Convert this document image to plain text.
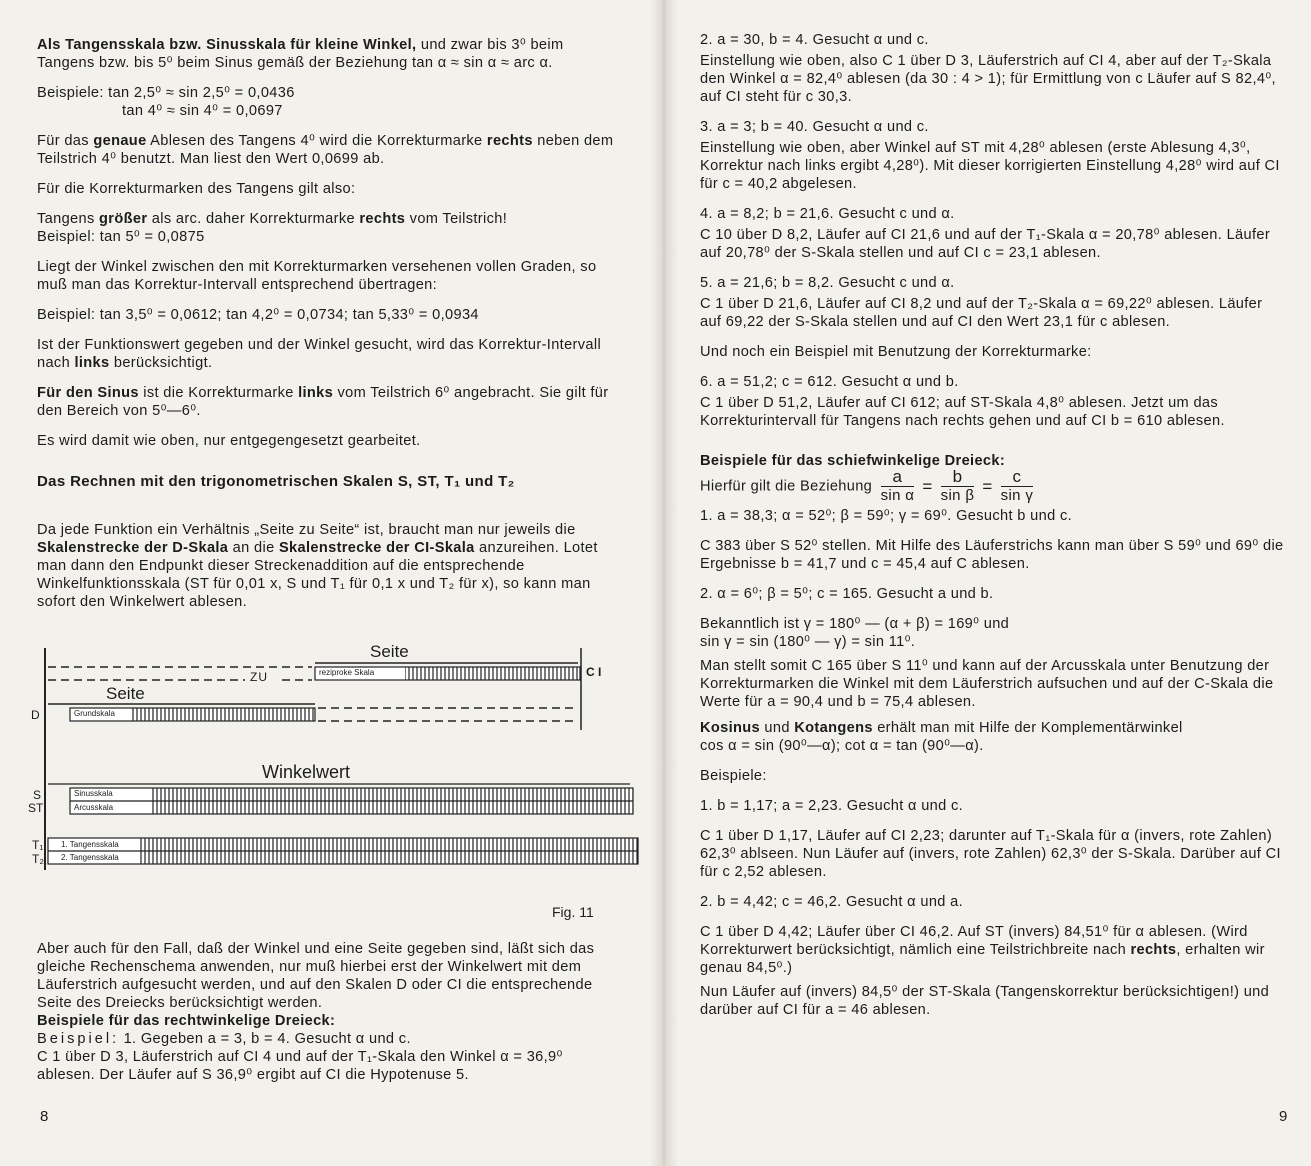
Als Tangensskala bzw. Sinusskala für kleine Winkel, und zwar bis 3⁰ beim Tangens bzw. bis 5⁰ beim Sinus gemäß der Beziehung tan α ≈ sin α ≈ arc α.

Beispiele: tan 2,5⁰ ≈ sin 2,5⁰ = 0,0436

tan 4⁰ ≈ sin 4⁰ = 0,0697

Für das genaue Ablesen des Tangens 4⁰ wird die Korrekturmarke rechts neben dem Teilstrich 4⁰ benutzt. Man liest den Wert 0,0699 ab.

Für die Korrekturmarken des Tangens gilt also:

Tangens größer als arc. daher Korrekturmarke rechts vom Teilstrich!
Beispiel: tan 5⁰ = 0,0875

Liegt der Winkel zwischen den mit Korrekturmarken versehenen vollen Graden, so muß man das Korrektur-Intervall entsprechend übertragen:

Beispiel: tan 3,5⁰ = 0,0612; tan 4,2⁰ = 0,0734; tan 5,33⁰ = 0,0934

Ist der Funktionswert gegeben und der Winkel gesucht, wird das Korrektur-Intervall nach links berücksichtigt.

Für den Sinus ist die Korrekturmarke links vom Teilstrich 6⁰ angebracht. Sie gilt für den Bereich von 5⁰—6⁰.

Es wird damit wie oben, nur entgegengesetzt gearbeitet.

Das Rechnen mit den trigonometrischen Skalen S, ST, T₁ und T₂

Da jede Funktion ein Verhältnis „Seite zu Seite“ ist, braucht man nur jeweils die Skalenstrecke der D-Skala an die Skalenstrecke der CI-Skala anzureihen. Lotet man dann den Endpunkt dieser Streckenaddition auf die entsprechende Winkelfunktionsskala (ST für 0,01 x, S und T₁ für 0,1 x und T₂ für x), so kann man sofort den Winkelwert ablesen.

Seite
ZU	reziproke Skala	C I
Seite
D	Grundskala
Winkelwert
S
ST
Sinusskala
Arcusskala
T₁
T₂
1. Tangensskala
2. Tangensskala
Fig. 11

Aber auch für den Fall, daß der Winkel und eine Seite gegeben sind, läßt sich das gleiche Rechenschema anwenden, nur muß hierbei erst der Winkelwert mit dem Läuferstrich aufgesucht werden, und auf den Skalen D oder CI die entsprechende Seite des Dreiecks berücksichtigt werden.

Beispiele für das rechtwinkelige Dreieck:

Beispiel: 1. Gegeben a = 3, b = 4. Gesucht α und c.
C 1 über D 3, Läuferstrich auf CI 4 und auf der T₁-Skala den Winkel α = 36,9⁰ ablesen. Der Läufer auf S 36,9⁰ ergibt auf CI die Hypotenuse 5.

8

2. a = 30, b = 4. Gesucht α und c.

Einstellung wie oben, also C 1 über D 3, Läuferstrich auf CI 4, aber auf der T₂-Skala den Winkel α = 82,4⁰ ablesen (da 30 : 4 > 1); für Ermittlung von c Läufer auf S 82,4⁰, auf CI steht für c 30,3.

3. a = 3; b = 40. Gesucht α und c.

Einstellung wie oben, aber Winkel auf ST mit 4,28⁰ ablesen (erste Ablesung 4,3⁰, Korrektur nach links ergibt 4,28⁰). Mit dieser korrigierten Einstellung 4,28⁰ wird auf CI für c = 40,2 abgelesen.

4. a = 8,2; b = 21,6. Gesucht c und α.

C 10 über D 8,2, Läufer auf CI 21,6 und auf der T₁-Skala α = 20,78⁰ ablesen. Läufer auf 20,78⁰ der S-Skala stellen und auf CI c = 23,1 ablesen.

5. a = 21,6; b = 8,2. Gesucht c und α.

C 1 über D 21,6, Läufer auf CI 8,2 und auf der T₂-Skala α = 69,22⁰ ablesen. Läufer auf 69,22 der S-Skala stellen und auf CI den Wert 23,1 für c ablesen.

Und noch ein Beispiel mit Benutzung der Korrekturmarke:

6. a = 51,2; c = 612. Gesucht α und b.

C 1 über D 51,2, Läufer auf CI 612; auf ST-Skala 4,8⁰ ablesen. Jetzt um das Korrekturintervall für Tangens nach rechts gehen und auf CI b = 610 ablesen.

Beispiele für das schiefwinkelige Dreieck:

Hierfür gilt die Beziehung $\frac{a}{\text{sin α}} = \frac{b}{\text{sin β}} = \frac{c}{\text{sin γ}}$

1. a = 38,3; α = 52⁰; β = 59⁰; γ = 69⁰. Gesucht b und c.

C 383 über S 52⁰ stellen. Mit Hilfe des Läuferstrichs kann man über S 59⁰ und 69⁰ die Ergebnisse b = 41,7 und c = 45,4 auf C ablesen.

2. α = 6⁰; β = 5⁰; c = 165. Gesucht a und b.

Bekanntlich ist γ = 180⁰ — (α + β) = 169⁰ und
sin γ = sin (180⁰ — γ) = sin 11⁰.

Man stellt somit C 165 über S 11⁰ und kann auf der Arcusskala unter Benutzung der Korrekturmarken die Winkel mit dem Läuferstrich aufsuchen und auf der C-Skala die Werte für a = 90,4 und b = 75,4 ablesen.

Kosinus und Kotangens erhält man mit Hilfe der Komplementärwinkel
cos α = sin (90⁰—α); cot α = tan (90⁰—α).

Beispiele:

1. b = 1,17; a = 2,23. Gesucht α und c.

C 1 über D 1,17, Läufer auf CI 2,23; darunter auf T₁-Skala für α (invers, rote Zahlen) 62,3⁰ ablseen. Nun Läufer auf (invers, rote Zahlen) 62,3⁰ der S-Skala. Darüber auf CI für c 2,52 ablesen.

2. b = 4,42; c = 46,2. Gesucht α und a.

C 1 über D 4,42; Läufer über CI 46,2. Auf ST (invers) 84,51⁰ für α ablesen. (Wird Korrekturwert berücksichtigt, nämlich eine Teilstrichbreite nach rechts, erhalten wir genau 84,5⁰.)

Nun Läufer auf (invers) 84,5⁰ der ST-Skala (Tangenskorrektur berücksichtigen!) und darüber auf CI für a = 46 ablesen.

9
